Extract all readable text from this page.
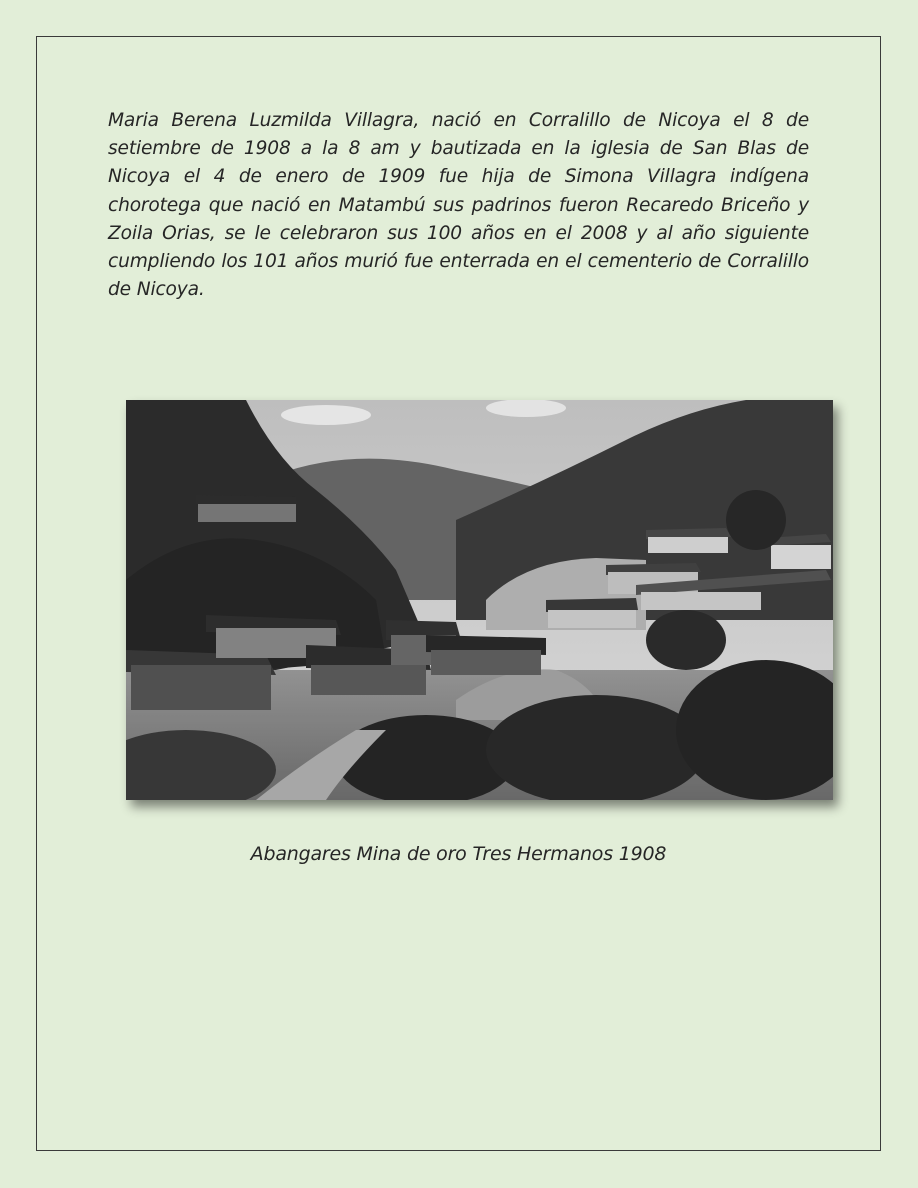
Maria Berena Luzmilda Villagra, nació en Corralillo de Nicoya el 8 de setiembre de 1908 a la 8 am y bautizada en la iglesia de San Blas de Nicoya el 4 de enero de 1909 fue hija de Simona Villagra indígena chorotega que nació en Matambú sus padrinos fueron Recaredo Briceño y Zoila Orias, se le celebraron sus 100 años en el 2008 y al año siguiente cumpliendo los 101 años murió fue enterrada en el cementerio de Corralillo de Nicoya.

Abangares Mina de oro Tres Hermanos 1908
